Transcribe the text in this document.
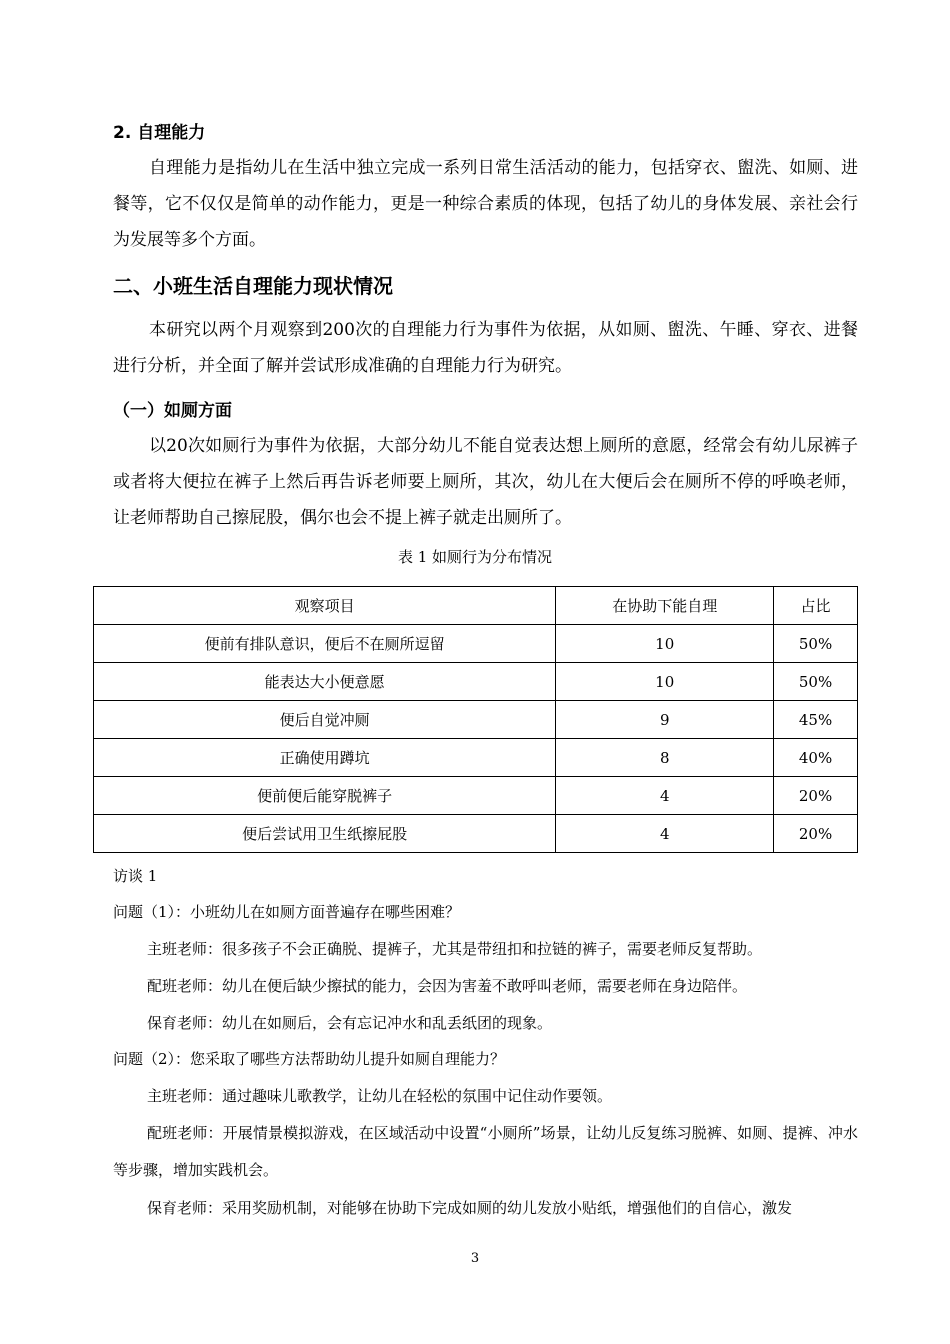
2. 自理能力

自理能力是指幼儿在生活中独立完成一系列日常生活活动的能力，包括穿衣、盥洗、如厕、进餐等，它不仅仅是简单的动作能力，更是一种综合素质的体现，包括了幼儿的身体发展、亲社会行为发展等多个方面。

二、小班生活自理能力现状情况

本研究以两个月观察到200次的自理能力行为事件为依据，从如厕、盥洗、午睡、穿衣、进餐进行分析，并全面了解并尝试形成准确的自理能力行为研究。

（一）如厕方面

以20次如厕行为事件为依据，大部分幼儿不能自觉表达想上厕所的意愿，经常会有幼儿尿裤子或者将大便拉在裤子上然后再告诉老师要上厕所，其次，幼儿在大便后会在厕所不停的呼唤老师，让老师帮助自己擦屁股，偶尔也会不提上裤子就走出厕所了。

表 1 如厕行为分布情况
观察项目	在协助下能自理	占比
便前有排队意识，便后不在厕所逗留	10	50%
能表达大小便意愿	10	50%
便后自觉冲厕	9	45%
正确使用蹲坑	8	40%
便前便后能穿脱裤子	4	20%
便后尝试用卫生纸擦屁股	4	20%
访谈 1
问题（1）：小班幼儿在如厕方面普遍存在哪些困难？
主班老师：很多孩子不会正确脱、提裤子，尤其是带纽扣和拉链的裤子，需要老师反复帮助。
配班老师：幼儿在便后缺少擦拭的能力，会因为害羞不敢呼叫老师，需要老师在身边陪伴。
保育老师：幼儿在如厕后，会有忘记冲水和乱丢纸团的现象。
问题（2）：您采取了哪些方法帮助幼儿提升如厕自理能力？
主班老师：通过趣味儿歌教学，让幼儿在轻松的氛围中记住动作要领。

配班老师：开展情景模拟游戏，在区域活动中设置“小厕所”场景，让幼儿反复练习脱裤、如厕、提裤、冲水等步骤，增加实践机会。

保育老师：采用奖励机制，对能够在协助下完成如厕的幼儿发放小贴纸，增强他们的自信心，激发
3
